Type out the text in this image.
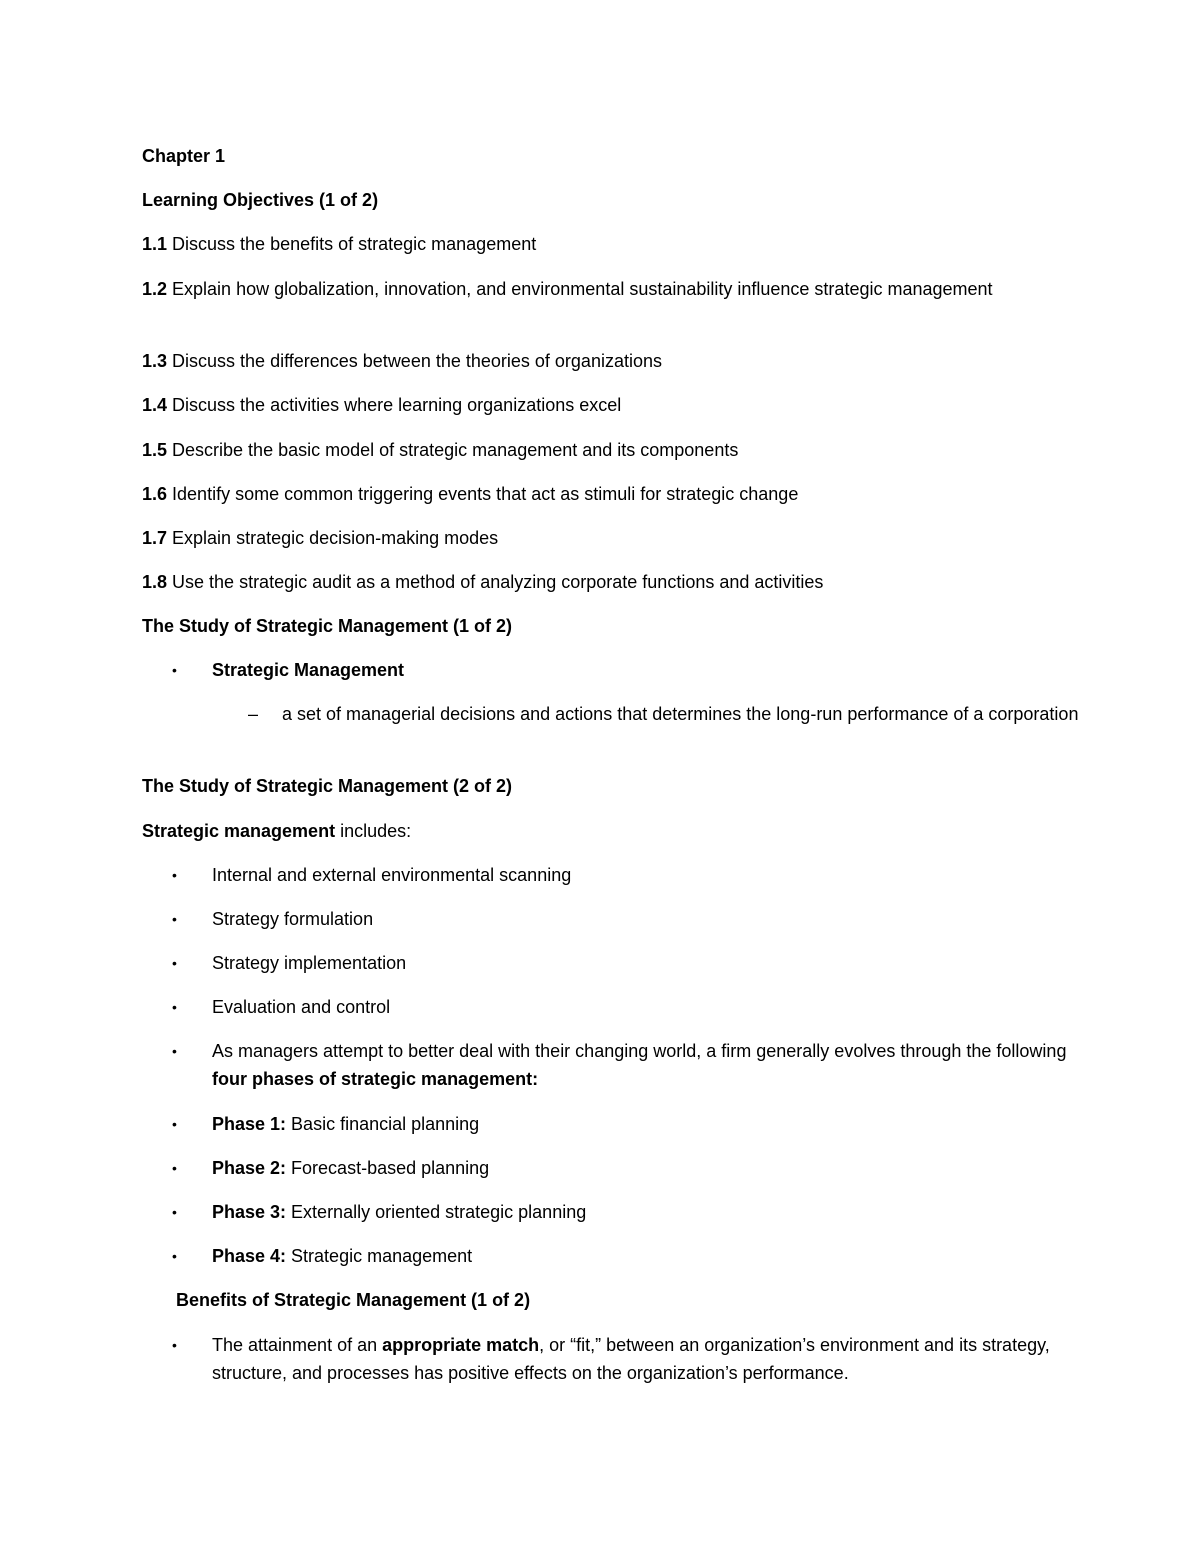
Chapter 1
Learning Objectives (1 of 2)
1.1 Discuss the benefits of strategic management
1.2 Explain how globalization, innovation, and environmental sustainability influence strategic management
1.3 Discuss the differences between the theories of organizations
1.4 Discuss the activities where learning organizations excel
1.5 Describe the basic model of strategic management and its components
1.6 Identify some common triggering events that act as stimuli for strategic change
1.7 Explain strategic decision-making modes
1.8 Use the strategic audit as a method of analyzing corporate functions and activities
The Study of Strategic Management (1 of 2)
•	Strategic Management
– a set of managerial decisions and actions that determines the long-run performance of a corporation
The Study of Strategic Management (2 of 2)
Strategic management includes:
•	Internal and external environmental scanning
•	Strategy formulation
•	Strategy implementation
•	Evaluation and control
•	As managers attempt to better deal with their changing world, a firm generally evolves through the following four phases of strategic management:
•	Phase 1: Basic financial planning
•	Phase 2: Forecast-based planning
•	Phase 3: Externally oriented strategic planning
•	Phase 4: Strategic management
Benefits of Strategic Management (1 of 2)
•	The attainment of an appropriate match, or “fit,” between an organization’s environment and its strategy, structure, and processes has positive effects on the organization’s performance.
